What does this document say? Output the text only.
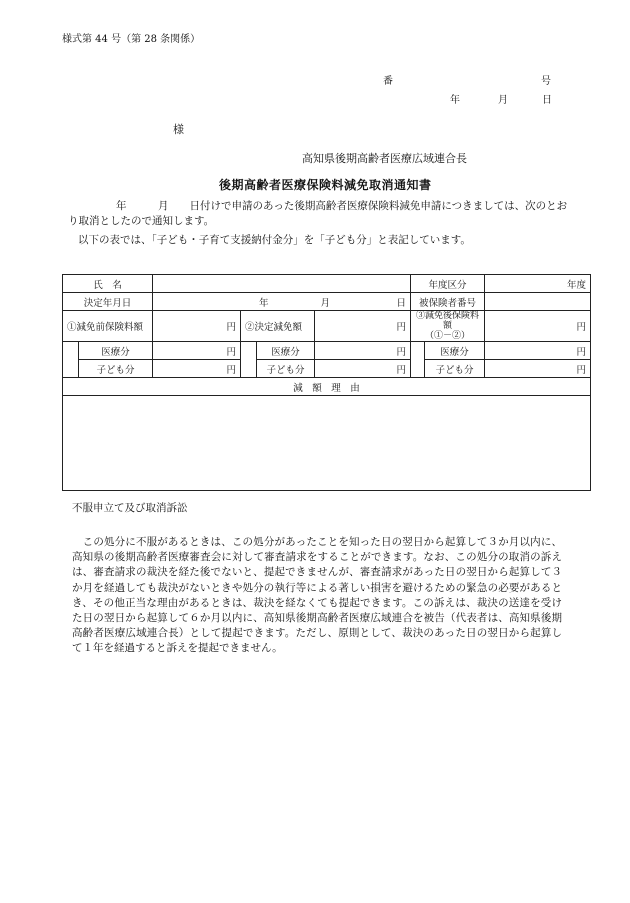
様式第 44 号（第 28 条関係）
番	号
年	月	日
様
高知県後期高齢者医療広域連合長
後期高齢者医療保険料減免取消通知書
年　　　	月　　 日付けで申請のあった後期高齢者医療保険料減免申請につきましては、次のとおり取消としたので通知します。
以下の表では、「子ども・子育て支援納付金分」を「子ども分」と表記しています。
氏　名						年度区分		年度
決定年月日		年 月 日				被保険者番号		
①減免前保険料額		円	②決定減免額		円	③減免後保険料額
（①－②）		円
	医療分	円		医療分	円		医療分	円
	子ども分	円		子ども分	円		子ども分	円
減　額　理　由								

不服申立て及び取消訴訟
　この処分に不服があるときは、この処分があったことを知った日の翌日から起算して３か月以内に、高知県の後期高齢者医療審査会に対して審査請求をすることができます。なお、この処分の取消の訴えは、審査請求の裁決を経た後でないと、提起できませんが、審査請求があった日の翌日から起算して３か月を経過しても裁決がないときや処分の執行等による著しい損害を避けるための緊急の必要があるとき、その他正当な理由があるときは、裁決を経なくても提起できます。この訴えは、裁決の送達を受けた日の翌日から起算して６か月以内に、高知県後期高齢者医療広域連合を被告（代表者は、高知県後期高齢者医療広域連合長）として提起できます。ただし、原則として、裁決のあった日の翌日から起算して１年を経過すると訴えを提起できません。
